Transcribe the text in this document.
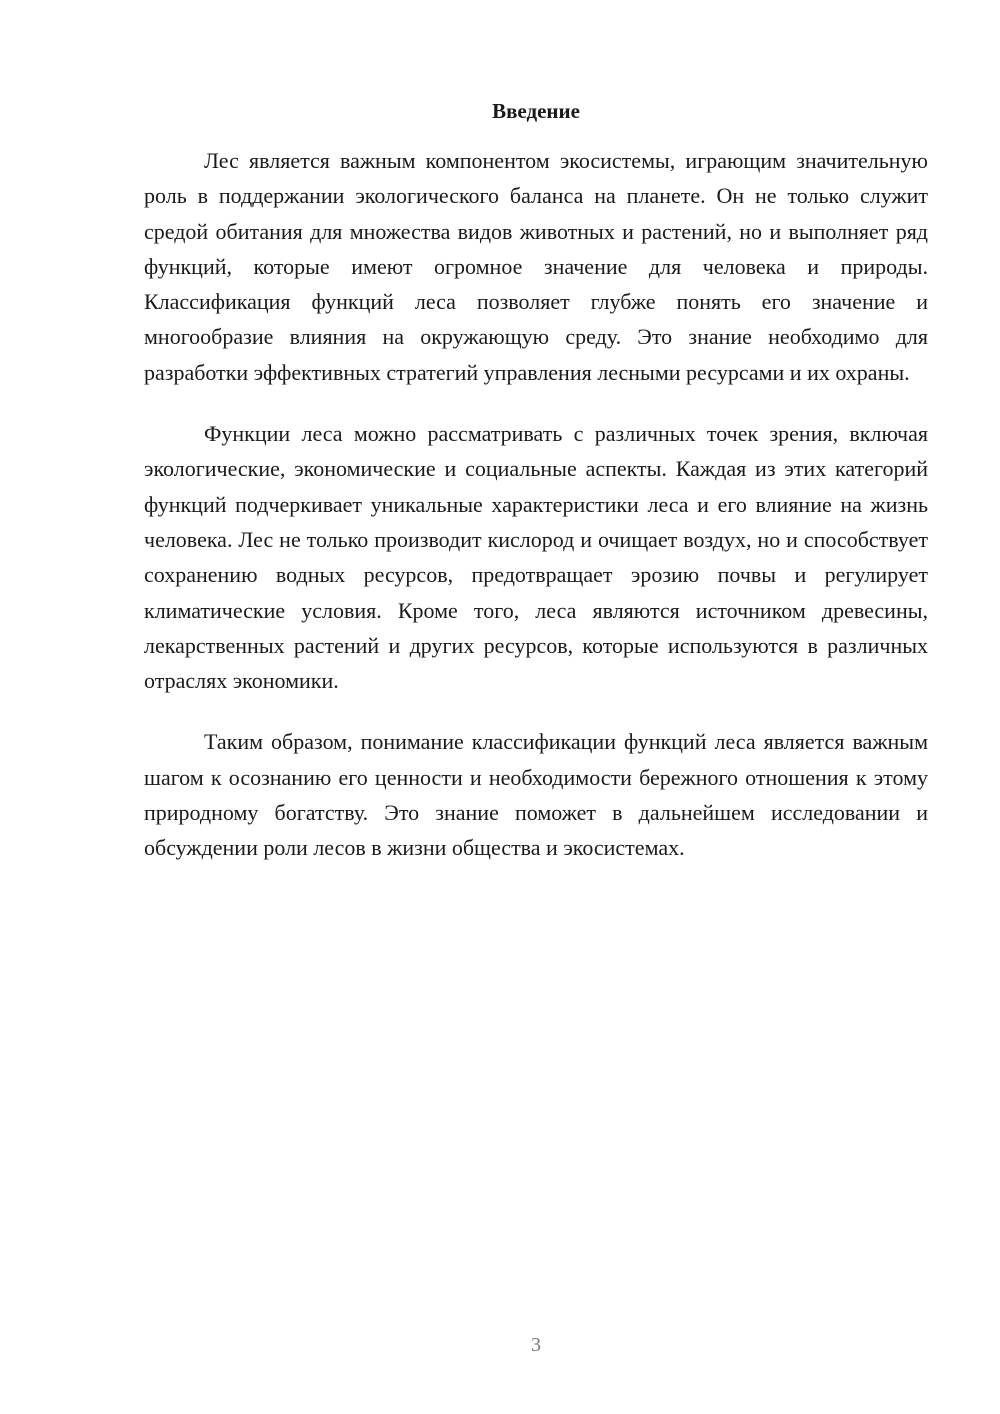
Введение

Лес является важным компонентом экосистемы, играющим значительную роль в поддержании экологического баланса на планете. Он не только служит средой обитания для множества видов животных и растений, но и выполняет ряд функций, которые имеют огромное значение для человека и природы. Классификация функций леса позволяет глубже понять его значение и многообразие влияния на окружающую среду. Это знание необходимо для разработки эффективных стратегий управления лесными ресурсами и их охраны.

Функции леса можно рассматривать с различных точек зрения, включая экологические, экономические и социальные аспекты. Каждая из этих категорий функций подчеркивает уникальные характеристики леса и его влияние на жизнь человека. Лес не только производит кислород и очищает воздух, но и способствует сохранению водных ресурсов, предотвращает эрозию почвы и регулирует климатические условия. Кроме того, леса являются источником древесины, лекарственных растений и других ресурсов, которые используются в различных отраслях экономики.

Таким образом, понимание классификации функций леса является важным шагом к осознанию его ценности и необходимости бережного отношения к этому природному богатству. Это знание поможет в дальнейшем исследовании и обсуждении роли лесов в жизни общества и экосистемах.

3
